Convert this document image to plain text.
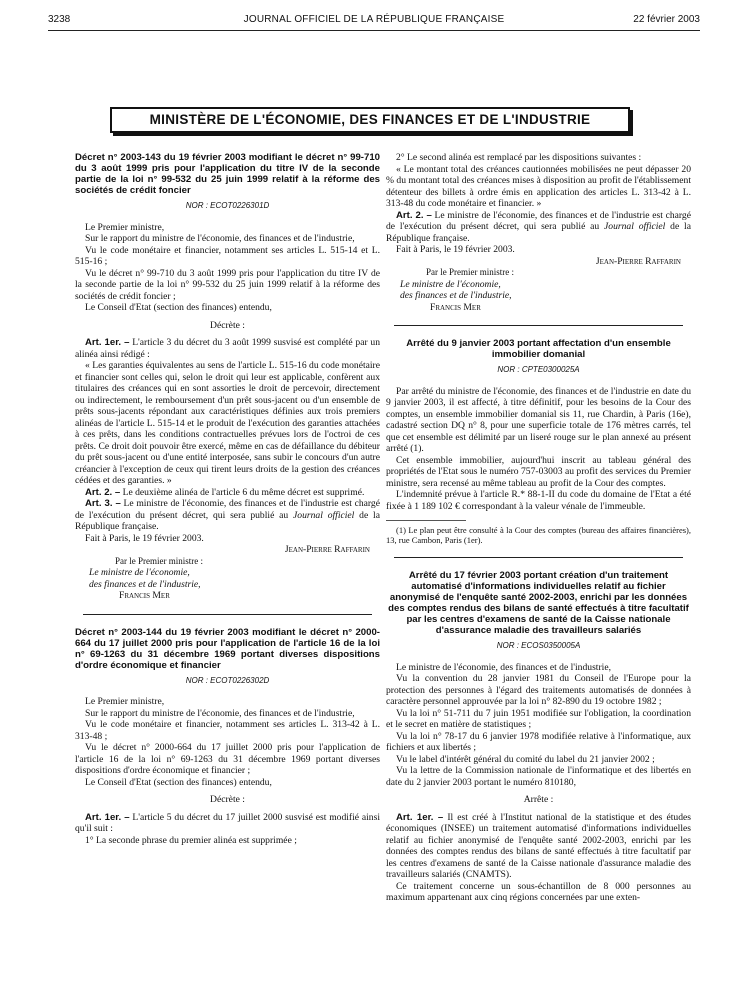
3238	JOURNAL OFFICIEL DE LA RÉPUBLIQUE FRANÇAISE	22 février 2003
MINISTÈRE DE L'ÉCONOMIE, DES FINANCES ET DE L'INDUSTRIE

Décret n° 2003-143 du 19 février 2003 modifiant le décret n° 99-710 du 3 août 1999 pris pour l'application du titre IV de la seconde partie de la loi n° 99-532 du 25 juin 1999 relatif à la réforme des sociétés de crédit foncier

NOR : ECOT0226301D

Le Premier ministre,

Sur le rapport du ministre de l'économie, des finances et de l'industrie,

Vu le code monétaire et financier, notamment ses articles L. 515-14 et L. 515-16 ;

Vu le décret n° 99-710 du 3 août 1999 pris pour l'application du titre IV de la seconde partie de la loi n° 99-532 du 25 juin 1999 relatif à la réforme des sociétés de crédit foncier ;

Le Conseil d'Etat (section des finances) entendu,

Décrète :

Art. 1er. – L'article 3 du décret du 3 août 1999 susvisé est complété par un alinéa ainsi rédigé :

« Les garanties équivalentes au sens de l'article L. 515-16 du code monétaire et financier sont celles qui, selon le droit qui leur est applicable, confèrent aux titulaires des créances qui en sont assorties le droit de percevoir, directement ou indirectement, le remboursement d'un prêt sous-jacent ou d'un ensemble de prêts sous-jacents répondant aux caractéristiques définies aux trois premiers alinéas de l'article L. 515-14 et le produit de l'exécution des garanties attachées à ces prêts, dans les conditions contractuelles prévues lors de l'octroi de ces prêts. Ce droit doit pouvoir être exercé, même en cas de défaillance du débiteur du prêt sous-jacent ou d'une entité interposée, sans subir le concours d'un autre créancier à l'exception de ceux qui tirent leurs droits de la gestion des créances cédées et des garanties. »

Art. 2. – Le deuxième alinéa de l'article 6 du même décret est supprimé.

Art. 3. – Le ministre de l'économie, des finances et de l'industrie est chargé de l'exécution du présent décret, qui sera publié au Journal officiel de la République française.

Fait à Paris, le 19 février 2003.

Jean-Pierre Raffarin

Par le Premier ministre :

Le ministre de l'économie,

des finances et de l'industrie,

Francis Mer

Décret n° 2003-144 du 19 février 2003 modifiant le décret n° 2000-664 du 17 juillet 2000 pris pour l'application de l'article 16 de la loi n° 69-1263 du 31 décembre 1969 portant diverses dispositions d'ordre économique et financier

NOR : ECOT0226302D

Le Premier ministre,

Sur le rapport du ministre de l'économie, des finances et de l'industrie,

Vu le code monétaire et financier, notamment ses articles L. 313-42 à L. 313-48 ;

Vu le décret n° 2000-664 du 17 juillet 2000 pris pour l'application de l'article 16 de la loi n° 69-1263 du 31 décembre 1969 portant diverses dispositions d'ordre économique et financier ;

Le Conseil d'Etat (section des finances) entendu,

Décrète :

Art. 1er. – L'article 5 du décret du 17 juillet 2000 susvisé est modifié ainsi qu'il suit :

1° La seconde phrase du premier alinéa est supprimée ;

2° Le second alinéa est remplacé par les dispositions suivantes :

« Le montant total des créances cautionnées mobilisées ne peut dépasser 20 % du montant total des créances mises à disposition au profit de l'établissement détenteur des billets à ordre émis en application des articles L. 313-42 à L. 313-48 du code monétaire et financier. »

Art. 2. – Le ministre de l'économie, des finances et de l'industrie est chargé de l'exécution du présent décret, qui sera publié au Journal officiel de la République française.

Fait à Paris, le 19 février 2003.

Jean-Pierre Raffarin

Par le Premier ministre :

Le ministre de l'économie,

des finances et de l'industrie,

Francis Mer

Arrêté du 9 janvier 2003 portant affectation d'un ensemble immobilier domanial

NOR : CPTE0300025A

Par arrêté du ministre de l'économie, des finances et de l'industrie en date du 9 janvier 2003, il est affecté, à titre définitif, pour les besoins de la Cour des comptes, un ensemble immobilier domanial sis 11, rue Chardin, à Paris (16e), cadastré section DQ n° 8, pour une superficie totale de 176 mètres carrés, tel que cet ensemble est délimité par un liseré rouge sur le plan annexé au présent arrêté (1).

Cet ensemble immobilier, aujourd'hui inscrit au tableau général des propriétés de l'Etat sous le numéro 757-03003 au profit des services du Premier ministre, sera recensé au même tableau au profit de la Cour des comptes.

L'indemnité prévue à l'article R.* 88-1-II du code du domaine de l'Etat a été fixée à 1 189 102 € correspondant à la valeur vénale de l'immeuble.

(1) Le plan peut être consulté à la Cour des comptes (bureau des affaires financières), 13, rue Cambon, Paris (1er).

Arrêté du 17 février 2003 portant création d'un traitement automatisé d'informations individuelles relatif au fichier anonymisé de l'enquête santé 2002-2003, enrichi par les données des comptes rendus des bilans de santé effectués à titre facultatif par les centres d'examens de santé de la Caisse nationale d'assurance maladie des travailleurs salariés

NOR : ECOS0350005A

Le ministre de l'économie, des finances et de l'industrie,

Vu la convention du 28 janvier 1981 du Conseil de l'Europe pour la protection des personnes à l'égard des traitements automatisés de données à caractère personnel approuvée par la loi n° 82-890 du 19 octobre 1982 ;

Vu la loi n° 51-711 du 7 juin 1951 modifiée sur l'obligation, la coordination et le secret en matière de statistiques ;

Vu la loi n° 78-17 du 6 janvier 1978 modifiée relative à l'informatique, aux fichiers et aux libertés ;

Vu le label d'intérêt général du comité du label du 21 janvier 2002 ;

Vu la lettre de la Commission nationale de l'informatique et des libertés en date du 2 janvier 2003 portant le numéro 810180,

Arrête :

Art. 1er. – Il est créé à l'Institut national de la statistique et des études économiques (INSEE) un traitement automatisé d'informations individuelles relatif au fichier anonymisé de l'enquête santé 2002-2003, enrichi par les données des comptes rendus des bilans de santé effectués à titre facultatif par les centres d'examens de santé de la Caisse nationale d'assurance maladie des travailleurs salariés (CNAMTS).

Ce traitement concerne un sous-échantillon de 8 000 personnes au maximum appartenant aux cinq régions concernées par une exten-
